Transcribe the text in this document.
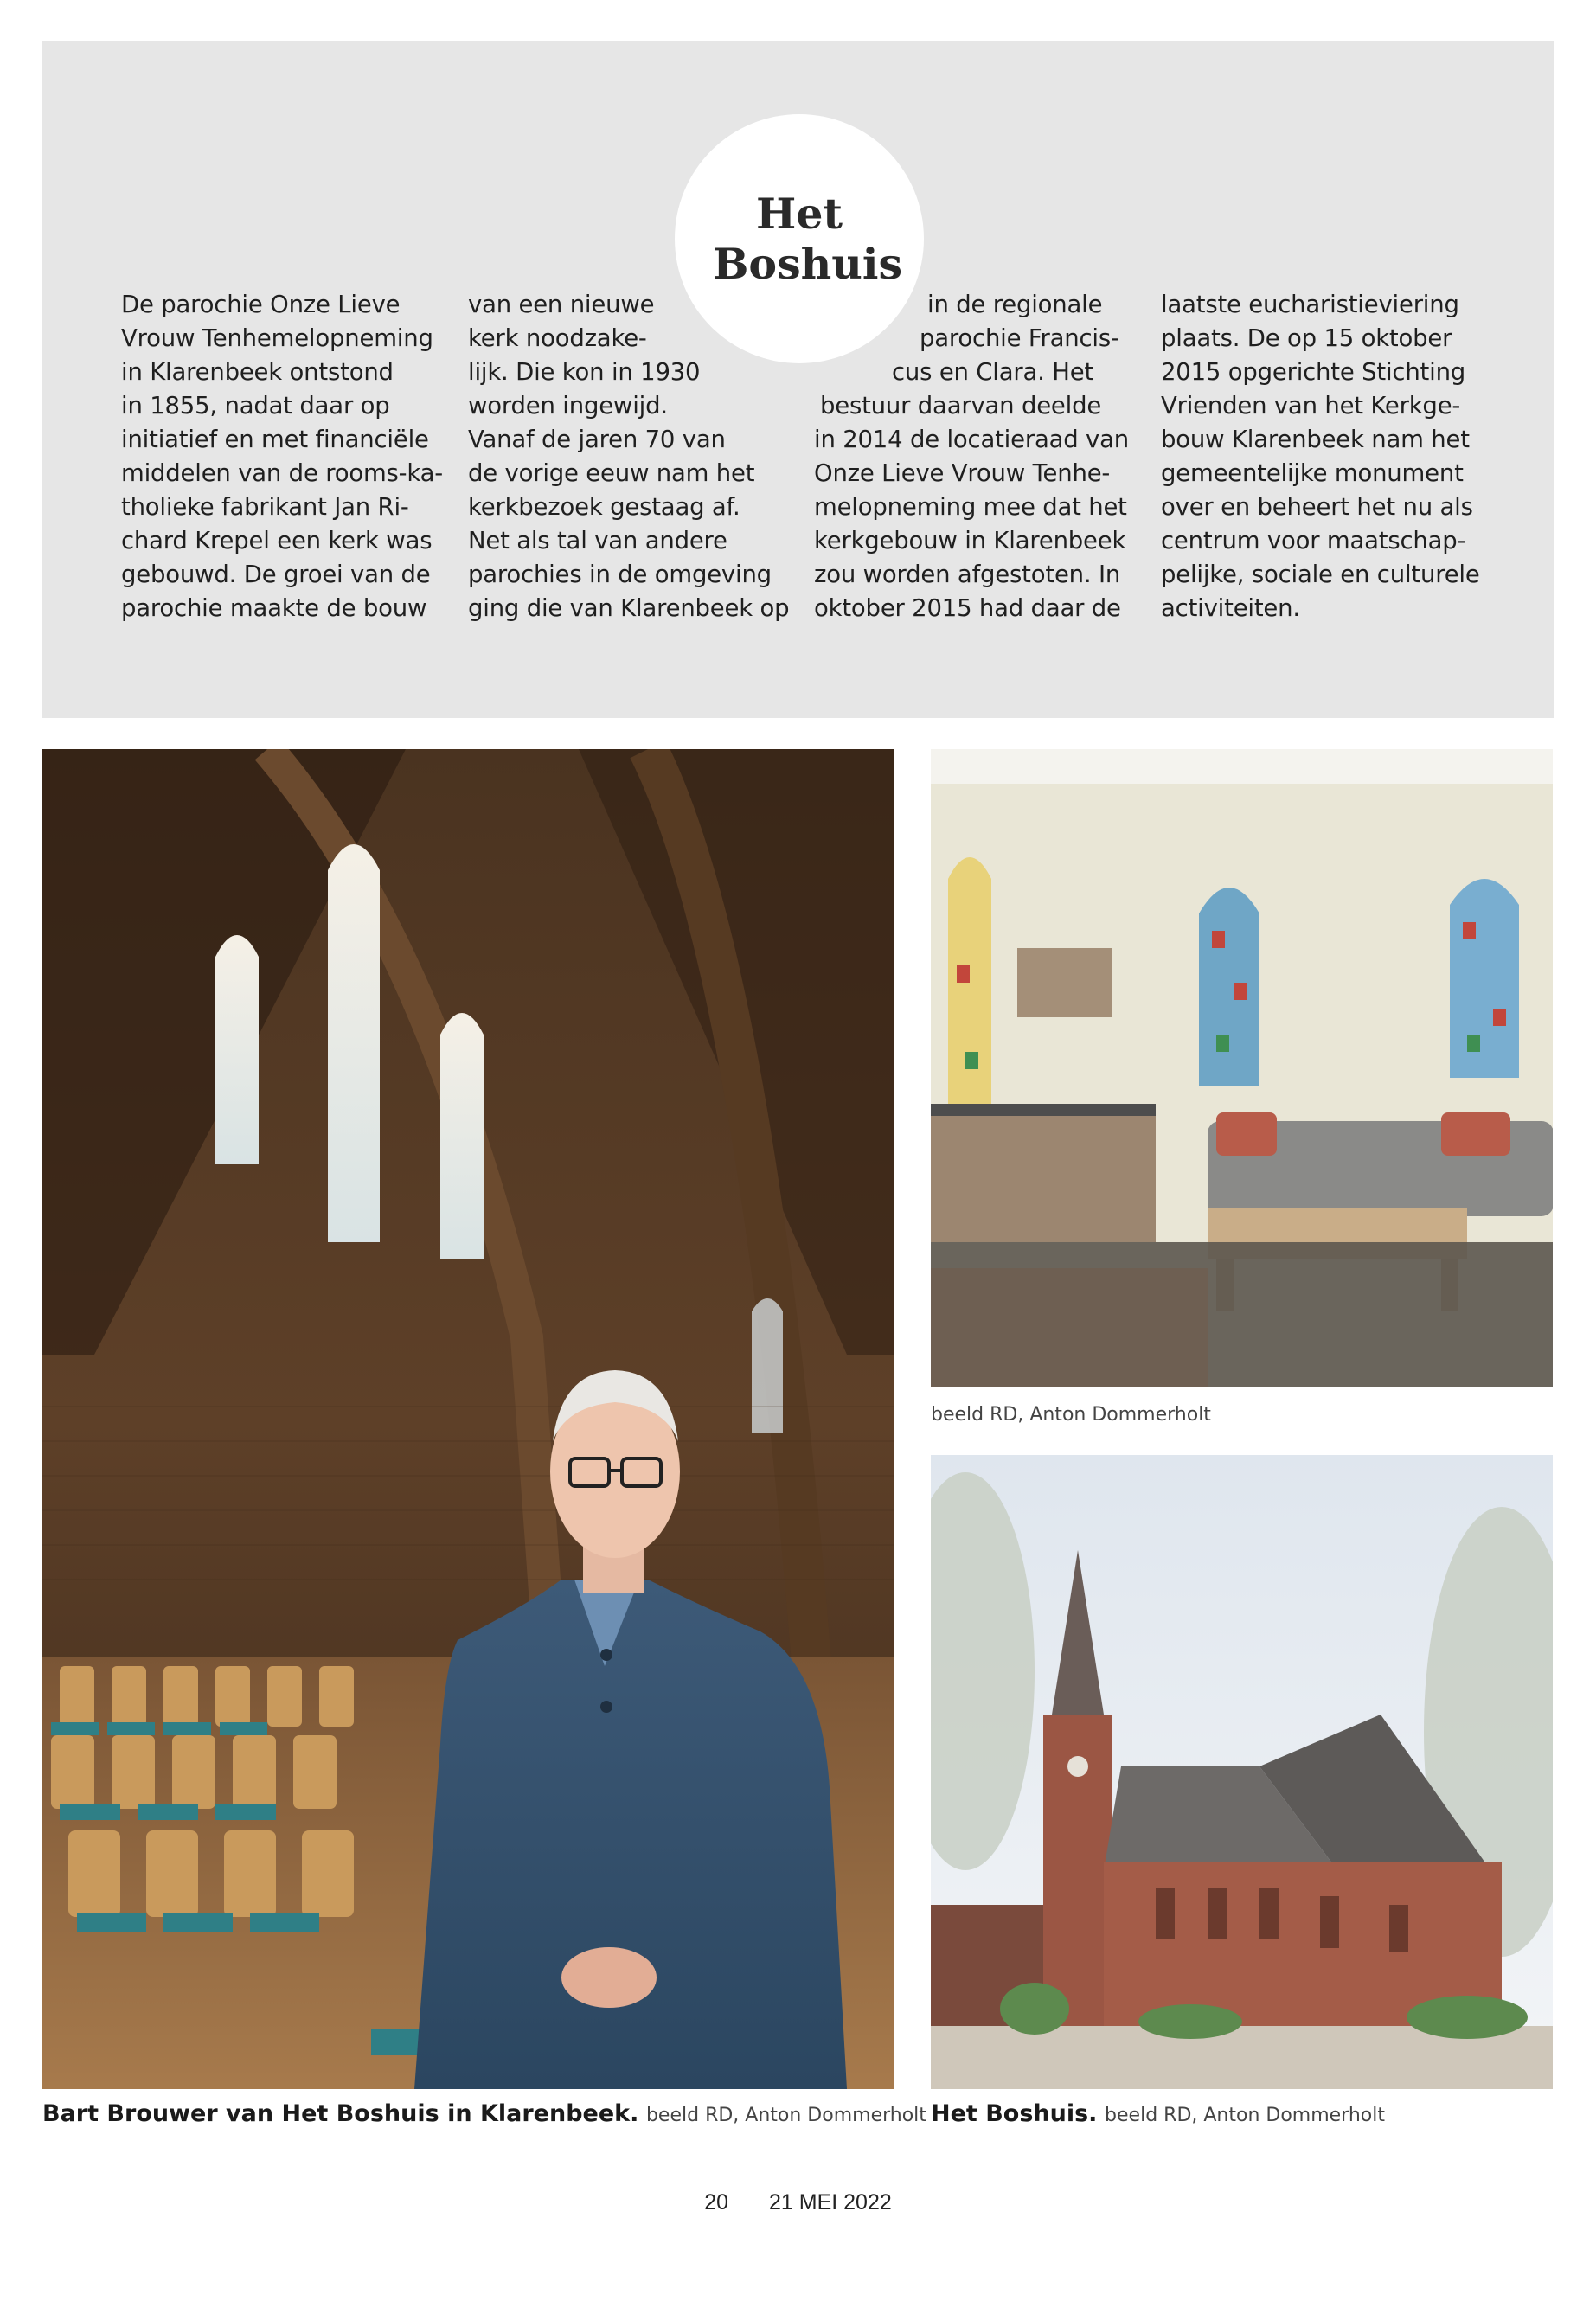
Het Boshuis
De parochie Onze Lieve
Vrouw Tenhemelopneming
in Klarenbeek ontstond
in 1855, nadat daar op
initiatief en met financiële
middelen van de rooms-ka-
tholieke fabrikant Jan Ri-
chard Krepel een kerk was
gebouwd. De groei van de
parochie maakte de bouw
van een nieuwe
kerk noodzake-
lijk. Die kon in 1930
worden ingewijd.
Vanaf de jaren 70 van
de vorige eeuw nam het
kerkbezoek gestaag af.
Net als tal van andere
parochies in de omgeving
ging die van Klarenbeek op
in de regionale
parochie Francis-
cus en Clara. Het
bestuur daarvan deelde
in 2014 de locatieraad van
Onze Lieve Vrouw Tenhe-
melopneming mee dat het
kerkgebouw in Klarenbeek
zou worden afgestoten. In
oktober 2015 had daar de
laatste eucharistieviering
plaats. De op 15 oktober
2015 opgerichte Stichting
Vrienden van het Kerkge-
bouw Klarenbeek nam het
gemeentelijke monument
over en beheert het nu als
centrum voor maatschap-
pelijke, sociale en culturele
activiteiten.
beeld RD, Anton Dommerholt
Bart Brouwer van Het Boshuis in Klarenbeek. beeld RD, Anton Dommerholt Het Boshuis. beeld RD, Anton Dommerholt
20 21 MEI 2022
